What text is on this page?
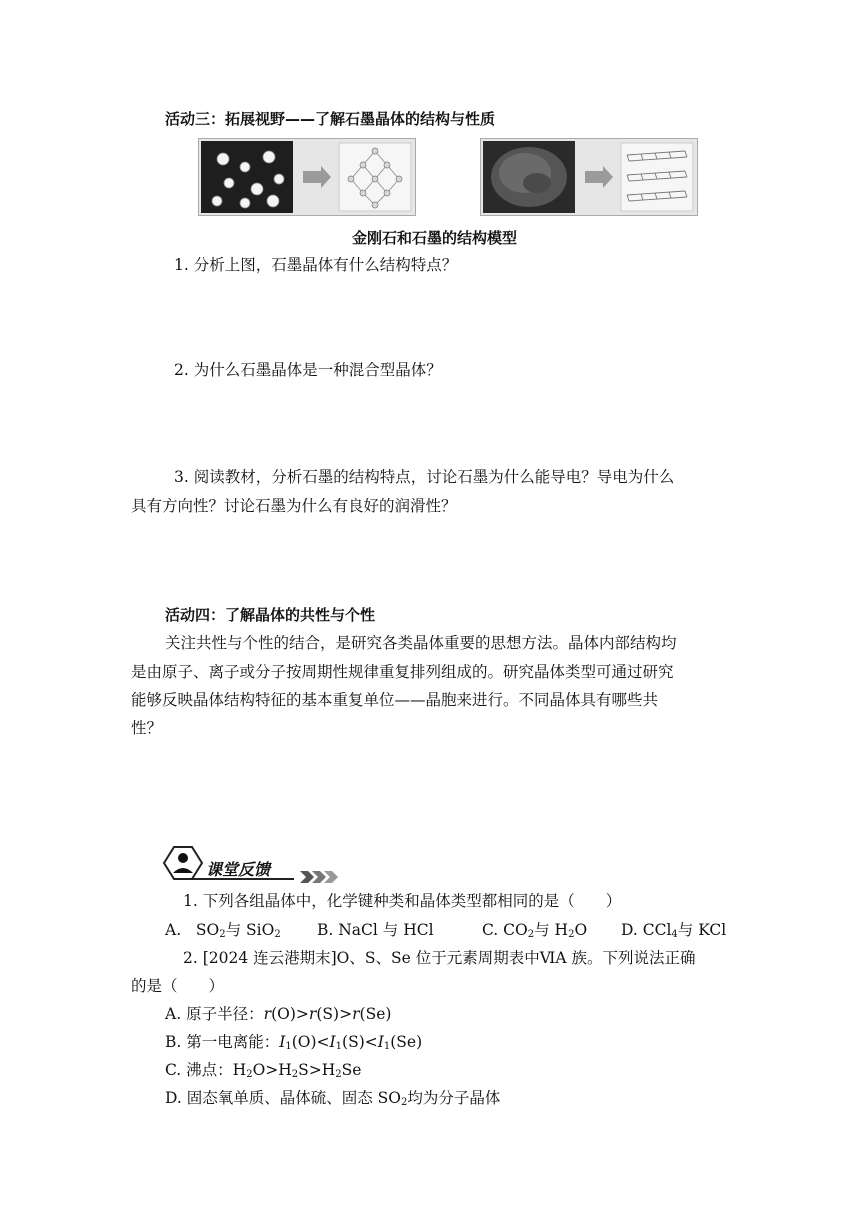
活动三：拓展视野——了解石墨晶体的结构与性质
金刚石和石墨的结构模型
1. 分析上图，石墨晶体有什么结构特点？
2. 为什么石墨晶体是一种混合型晶体？
3. 阅读教材，分析石墨的结构特点，讨论石墨为什么能导电？导电为什么
具有方向性？讨论石墨为什么有良好的润滑性？
活动四：了解晶体的共性与个性
关注共性与个性的结合，是研究各类晶体重要的思想方法。晶体内部结构均
是由原子、离子或分子按周期性规律重复排列组成的。研究晶体类型可通过研究
能够反映晶体结构特征的基本重复单位——晶胞来进行。不同晶体具有哪些共
性？
课堂反馈
1. 下列各组晶体中，化学键种类和晶体类型都相同的是（　　）
A. $SO_2$与 SiO$_2$ B. NaCl 与 HCl	C. $CO_2$与 $H_2O$ D. CCl$_4$与 KCl
2. [2024 连云港期末]O、S、Se 位于元素周期表中ⅥA 族。下列说法正确
的是（　　）
A. 原子半径：r(O)>r(S)>r(Se)
B. 第一电离能：$I_1(O)<I_1(S)<I_1(Se)$
C. 沸点：$H_2O>H_2S>H_2Se$
D. 固态氧单质、晶体硫、固态 $SO_2$均为分子晶体
